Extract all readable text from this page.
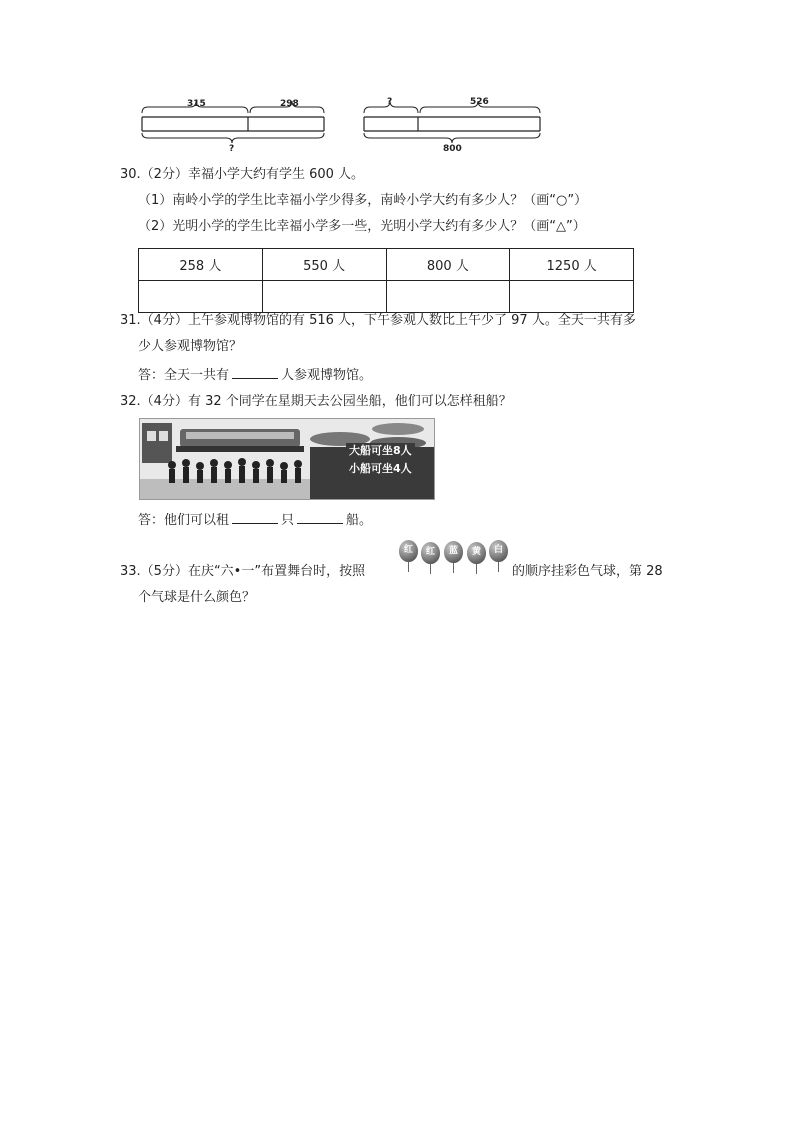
315	298
?
?	526
800
30.（2分）幸福小学大约有学生 600 人。
（1）南岭小学的学生比幸福小学少得多，南岭小学大约有多少人？（画“○”）
（2）光明小学的学生比幸福小学多一些，光明小学大约有多少人？（画“△”）
258 人	550 人	800 人	1250 人

31.（4分）上午参观博物馆的有 516 人，下午参观人数比上午少了 97 人。全天一共有多
少人参观博物馆？
答：全天一共有	人参观博物馆。
32.（4分）有 32 个同学在星期天去公园坐船，他们可以怎样租船？
大船可坐8人
小船可坐4人
答：他们可以租	只	船。
33.（5分）在庆“六•一”布置舞台时，按照
红	红	蓝	黄	白
的顺序挂彩色气球，第 28
个气球是什么颜色？
